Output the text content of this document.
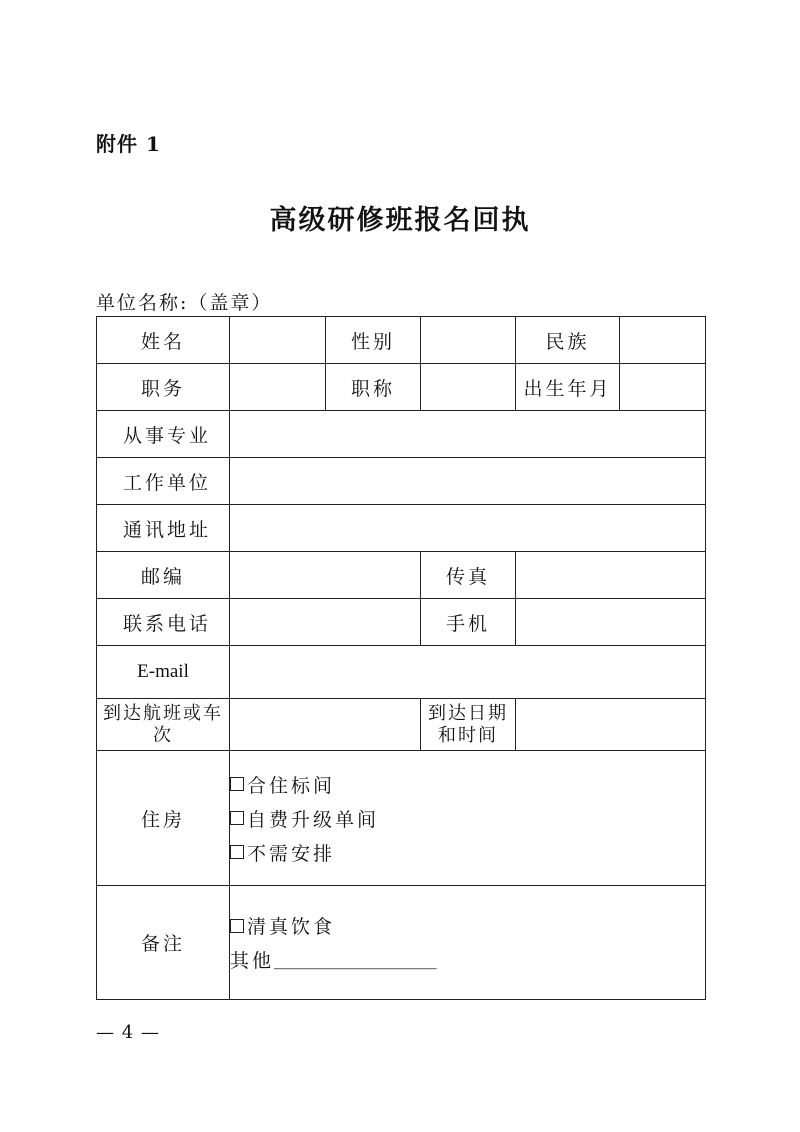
附件 1
高级研修班报名回执
单位名称:（盖章）
姓名		性别		民族	
职务		职称		出生年月	
从事专业					
工作单位					
通讯地址					
邮编			传真		
联系电话			手机		
E-mail					
到达航班或车次			到达日期和时间		
住房	合住标间
自费升级单间
不需安排				

备注	清真饮食
其他 _______________				
— 4 —
